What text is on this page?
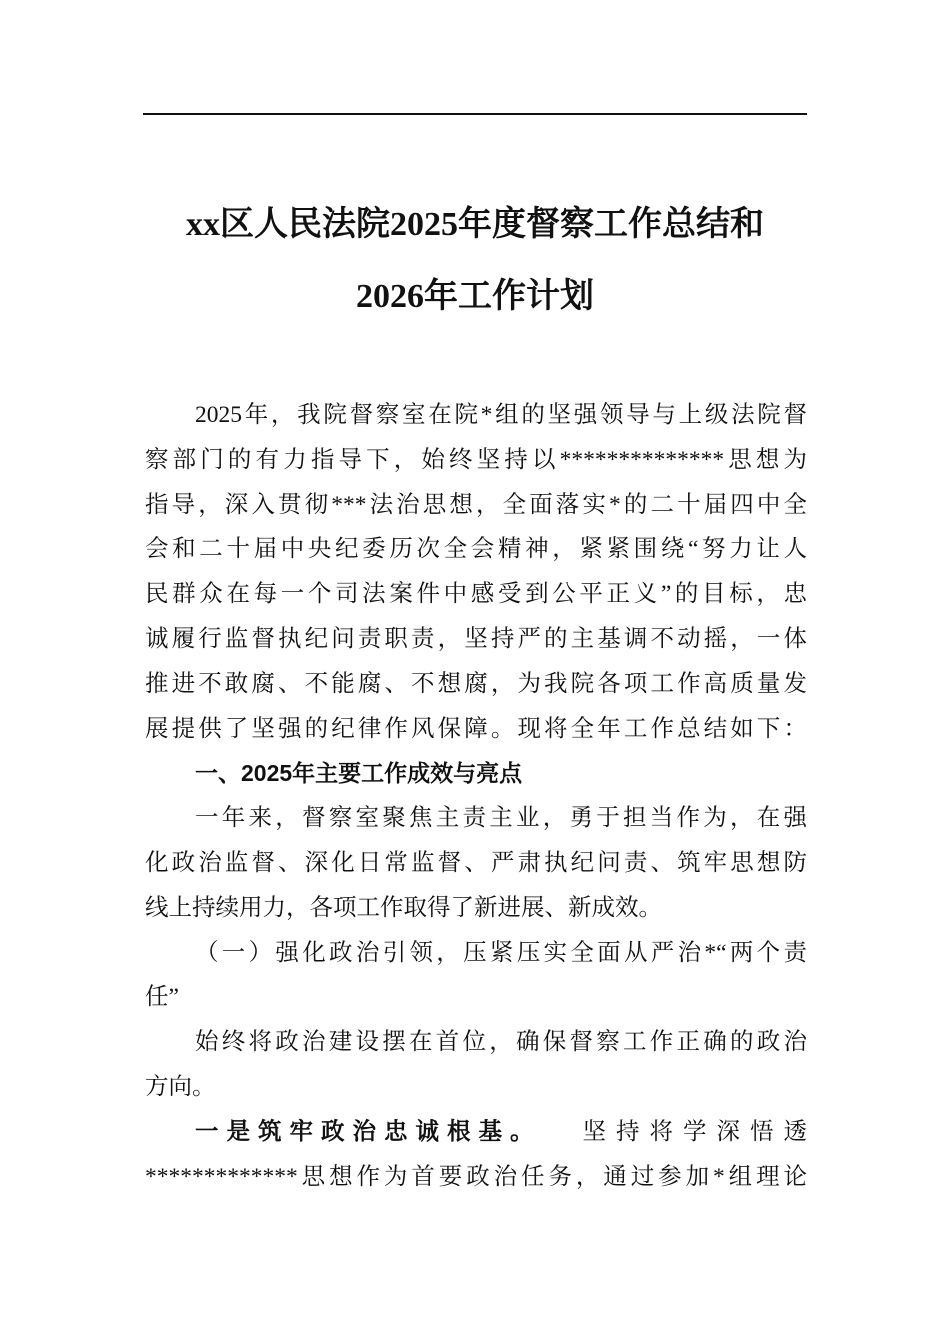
xx区人民法院2025年度督察工作总结和
2026年工作计划
2025年，我院督察室在院*组的坚强领导与上级法院督
察部门的有力指导下，始终坚持以**************思想为
指导，深入贯彻***法治思想，全面落实*的二十届四中全
会和二十届中央纪委历次全会精神，紧紧围绕“努力让人
民群众在每一个司法案件中感受到公平正义”的目标，忠
诚履行监督执纪问责职责，坚持严的主基调不动摇，一体
推进不敢腐、不能腐、不想腐，为我院各项工作高质量发
展提供了坚强的纪律作风保障。现将全年工作总结如下：
一、2025年主要工作成效与亮点
一年来，督察室聚焦主责主业，勇于担当作为，在强
化政治监督、深化日常监督、严肃执纪问责、筑牢思想防
线上持续用力，各项工作取得了新进展、新成效。
（一）强化政治引领，压紧压实全面从严治*“两个责
任”
始终将政治建设摆在首位，确保督察工作正确的政治
方向。
一是筑牢政治忠诚根基。 坚持将学深悟透
*************思想作为首要政治任务，通过参加*组理论
